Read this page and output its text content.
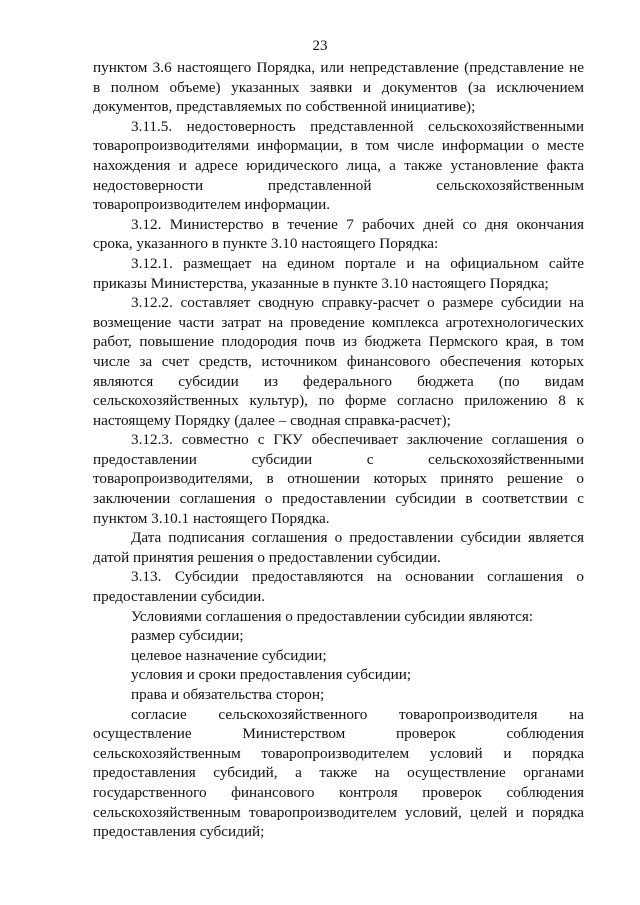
23

пунктом 3.6 настоящего Порядка, или непредставление (представление не в полном объеме) указанных заявки и документов (за исключением документов, представляемых по собственной инициативе);

3.11.5. недостоверность представленной сельскохозяйственными товаропроизводителями информации, в том числе информации о месте нахождения и адресе юридического лица, а также установление факта недостоверности представленной сельскохозяйственным товаропроизводителем информации.

3.12. Министерство в течение 7 рабочих дней со дня окончания срока, указанного в пункте 3.10 настоящего Порядка:

3.12.1. размещает на едином портале и на официальном сайте приказы Министерства, указанные в пункте 3.10 настоящего Порядка;

3.12.2. составляет сводную справку-расчет о размере субсидии на возмещение части затрат на проведение комплекса агротехнологических работ, повышение плодородия почв из бюджета Пермского края, в том числе за счет средств, источником финансового обеспечения которых являются субсидии из федерального бюджета (по видам сельскохозяйственных культур), по форме согласно приложению 8 к настоящему Порядку (далее – сводная справка-расчет);

3.12.3. совместно с ГКУ обеспечивает заключение соглашения о предоставлении субсидии с сельскохозяйственными товаропроизводителями, в отношении которых принято решение о заключении соглашения о предоставлении субсидии в соответствии с пунктом 3.10.1 настоящего Порядка.

Дата подписания соглашения о предоставлении субсидии является датой принятия решения о предоставлении субсидии.

3.13. Субсидии предоставляются на основании соглашения о предоставлении субсидии.

Условиями соглашения о предоставлении субсидии являются:

размер субсидии;

целевое назначение субсидии;

условия и сроки предоставления субсидии;

права и обязательства сторон;

согласие сельскохозяйственного товаропроизводителя на осуществление Министерством проверок соблюдения сельскохозяйственным товаропроизводителем условий и порядка предоставления субсидий, а также на осуществление органами государственного финансового контроля проверок соблюдения сельскохозяйственным товаропроизводителем условий, целей и порядка предоставления субсидий;
